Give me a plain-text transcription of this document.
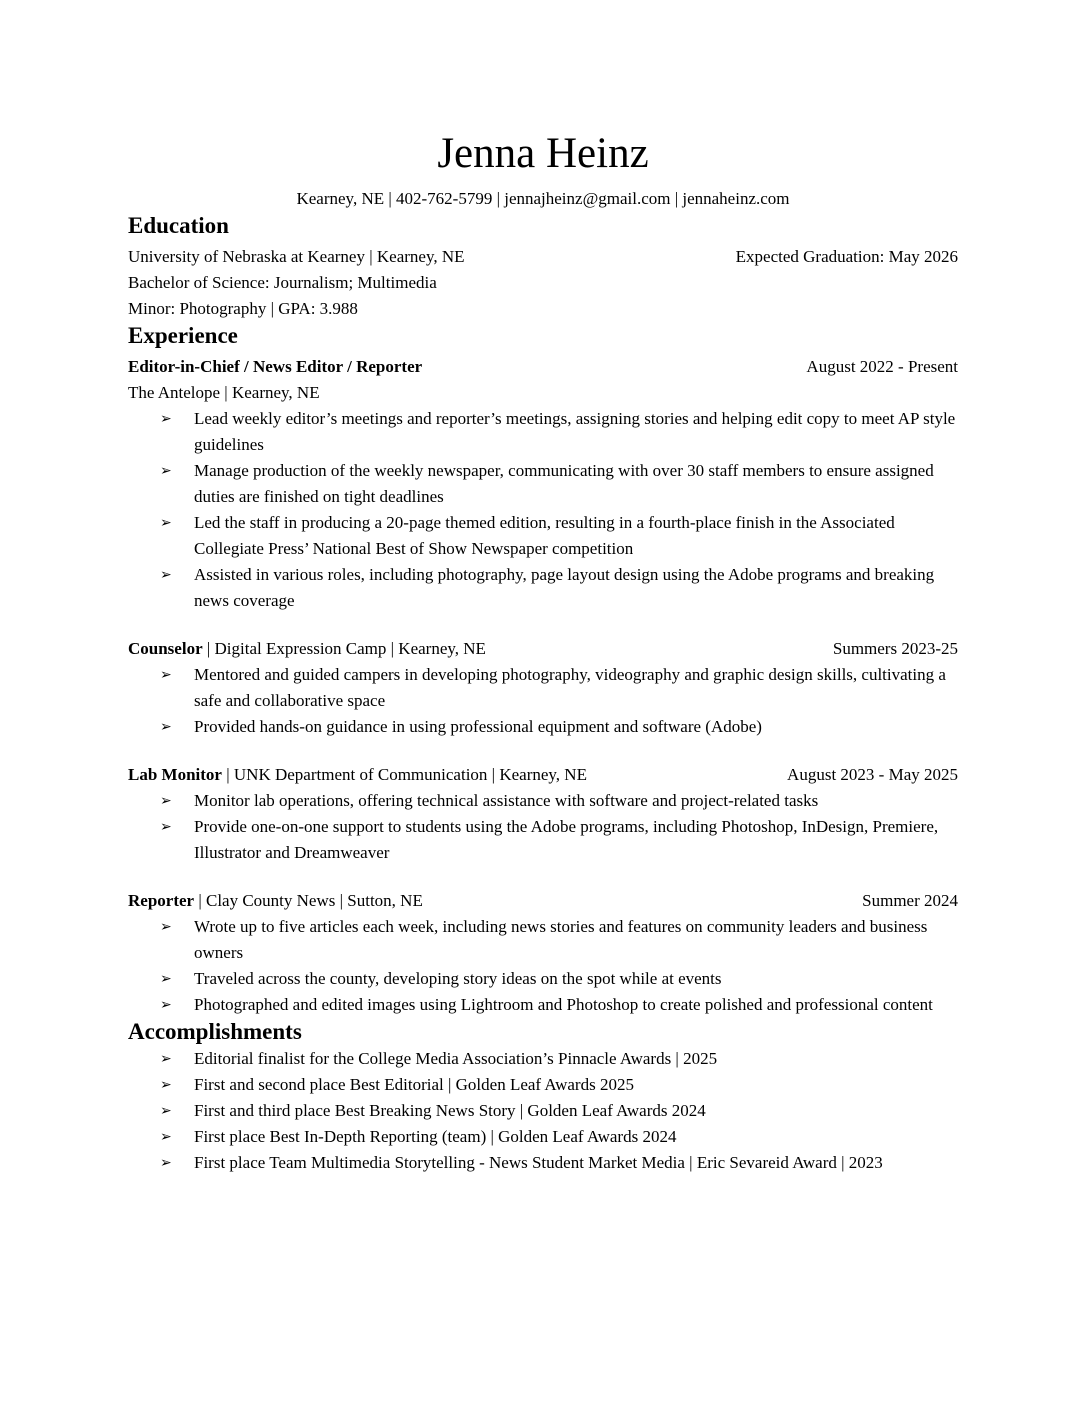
Jenna Heinz
Kearney, NE | 402-762-5799 | jennajheinz@gmail.com | jennaheinz.com
Education
University of Nebraska at Kearney | Kearney, NE	Expected Graduation: May 2026
Bachelor of Science: Journalism; Multimedia
Minor: Photography | GPA: 3.988
Experience
Editor-in-Chief / News Editor / Reporter	August 2022 - Present
The Antelope | Kearney, NE
➢	Lead weekly editor’s meetings and reporter’s meetings, assigning stories and helping edit copy to meet AP style guidelines
➢	Manage production of the weekly newspaper, communicating with over 30 staff members to ensure assigned duties are finished on tight deadlines
➢	Led the staff in producing a 20-page themed edition, resulting in a fourth-place finish in the Associated Collegiate Press’ National Best of Show Newspaper competition
➢	Assisted in various roles, including photography, page layout design using the Adobe programs and breaking news coverage
Counselor | Digital Expression Camp | Kearney, NE	Summers 2023-25
➢	Mentored and guided campers in developing photography, videography and graphic design skills, cultivating a safe and collaborative space
➢	Provided hands-on guidance in using professional equipment and software (Adobe)
Lab Monitor | UNK Department of Communication | Kearney, NE	August 2023 - May 2025
➢	Monitor lab operations, offering technical assistance with software and project-related tasks
➢	Provide one-on-one support to students using the Adobe programs, including Photoshop, InDesign, Premiere, Illustrator and Dreamweaver
Reporter | Clay County News | Sutton, NE	Summer 2024
➢	Wrote up to five articles each week, including news stories and features on community leaders and business owners
➢	Traveled across the county, developing story ideas on the spot while at events
➢	Photographed and edited images using Lightroom and Photoshop to create polished and professional content
Accomplishments
➢	Editorial finalist for the College Media Association’s Pinnacle Awards | 2025
➢	First and second place Best Editorial | Golden Leaf Awards 2025
➢	First and third place Best Breaking News Story | Golden Leaf Awards 2024
➢	First place Best In-Depth Reporting (team) | Golden Leaf Awards 2024
➢	First place Team Multimedia Storytelling - News Student Market Media | Eric Sevareid Award | 2023
